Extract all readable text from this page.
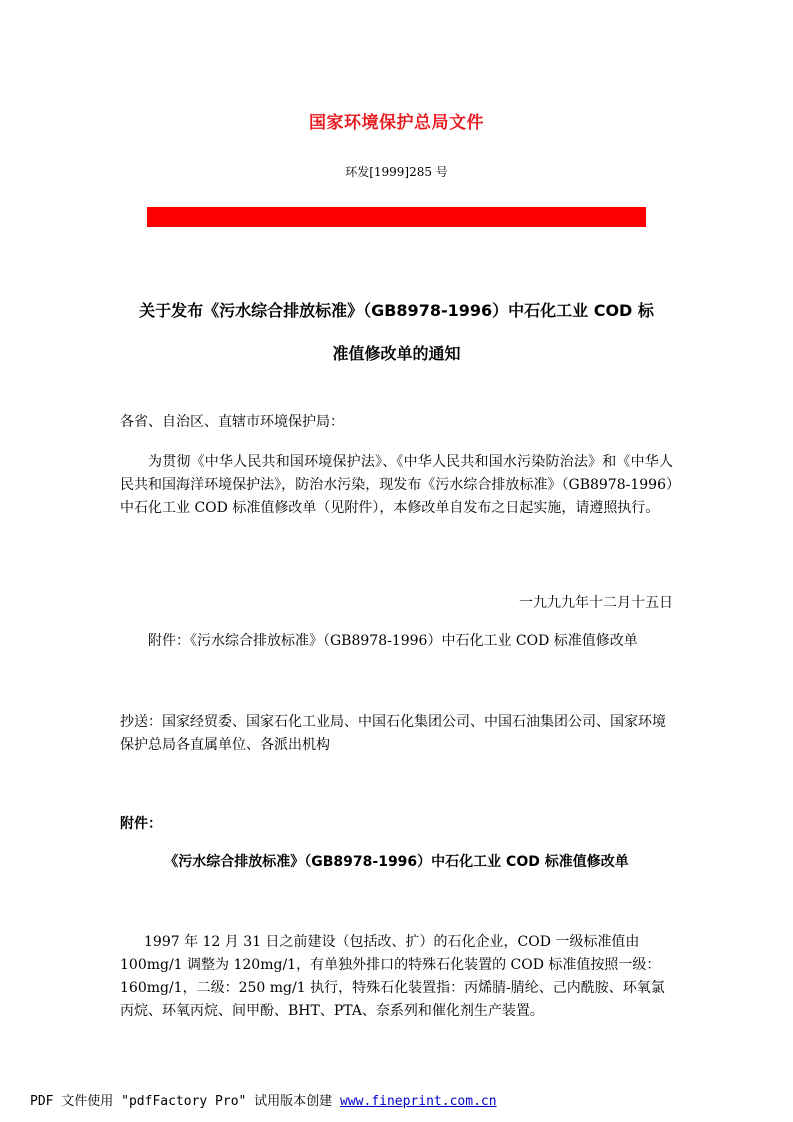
国家环境保护总局文件
环发[1999]285 号
关于发布《污水综合排放标准》（GB8978-1996）中石化工业 COD 标
准值修改单的通知
各省、自治区、直辖市环境保护局：
为贯彻《中华人民共和国环境保护法》、《中华人民共和国水污染防治法》和《中华人民共和国海洋环境保护法》，防治水污染，现发布《污水综合排放标准》（GB8978-1996）中石化工业 COD 标准值修改单（见附件），本修改单自发布之日起实施，请遵照执行。
一九九九年十二月十五日
附件：《污水综合排放标准》（GB8978-1996）中石化工业 COD 标准值修改单
抄送：国家经贸委、国家石化工业局、中国石化集团公司、中国石油集团公司、国家环境保护总局各直属单位、各派出机构
附件：
《污水综合排放标准》（GB8978-1996）中石化工业 COD 标准值修改单
1997 年 12 月 31 日之前建设（包括改、扩）的石化企业，COD 一级标准值由 100mg/1 调整为 120mg/1，有单独外排口的特殊石化装置的 COD 标准值按照一级：160mg/1，二级：250 mg/1 执行，特殊石化装置指：丙烯腈-腈纶、己内酰胺、环氧氯丙烷、环氧丙烷、间甲酚、BHT、PTA、奈系列和催化剂生产装置。
PDF 文件使用 "pdfFactory Pro" 试用版本创建 www.fineprint.com.cn
